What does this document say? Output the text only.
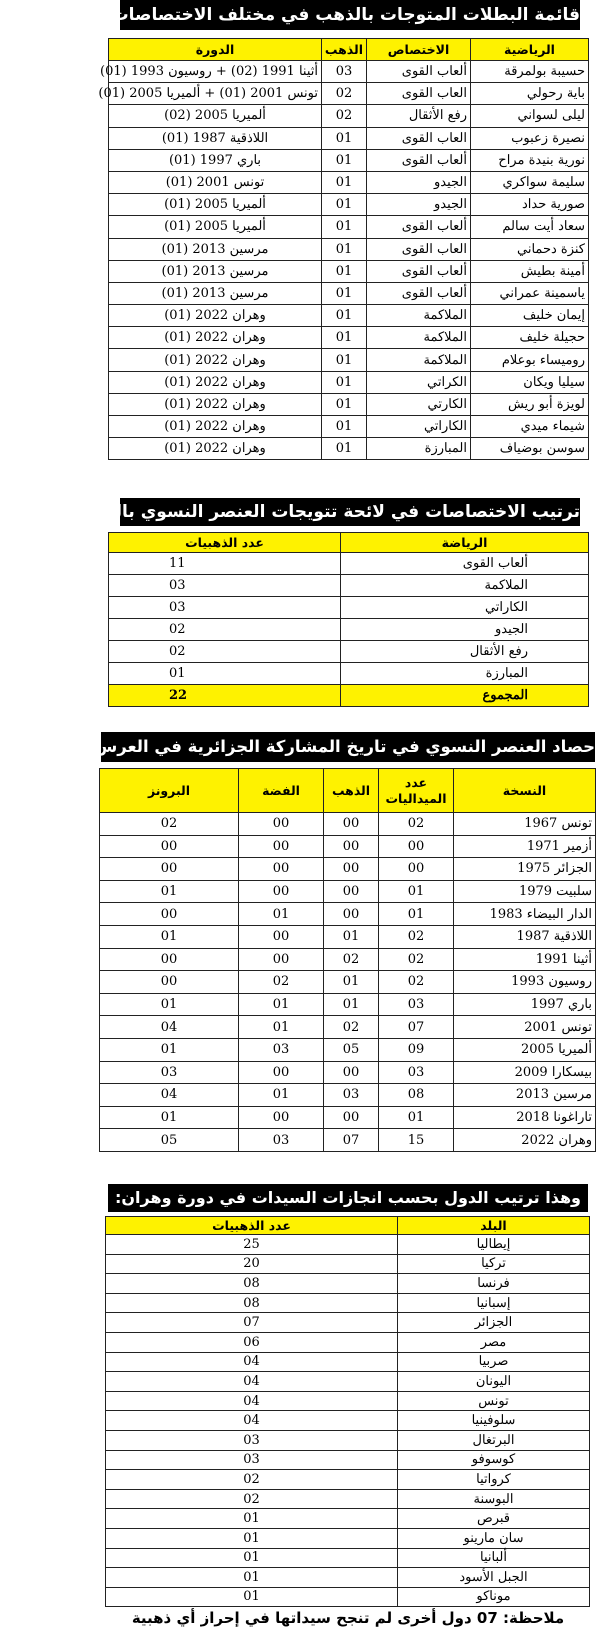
قائمة البطلات المتوجات بالذهب في مختلف الاختصاصات:
الرياضية	الاختصاص	الذهب	الدورة
حسيبة بولمرقة	ألعاب القوى	03	أثينا 1991 (02) + روسيون 1993 (01)
باية رحولي	العاب القوى	02	تونس 2001 (01) + ألميريا 2005 (01)
ليلى لسواني	رفع الأثقال	02	ألميريا 2005 (02)
نصيرة زعبوب	العاب القوى	01	اللاذقية 1987 (01)
نورية بنيدة مراح	ألعاب القوى	01	باري 1997 (01)
سليمة سواكري	الجيدو	01	تونس 2001 (01)
صورية حداد	الجيدو	01	ألميريا 2005 (01)
سعاد أيت سالم	ألعاب القوى	01	ألميريا 2005 (01)
كنزة دحماني	العاب القوى	01	مرسين 2013 (01)
أمينة بطيش	ألعاب القوى	01	مرسين 2013 (01)
ياسمينة عمراني	ألعاب القوى	01	مرسين 2013 (01)
إيمان خليف	الملاكمة	01	وهران 2022 (01)
حجيلة خليف	الملاكمة	01	وهران 2022 (01)
روميساء بوعلام	الملاكمة	01	وهران 2022 (01)
سيليا ويكان	الكراتي	01	وهران 2022 (01)
لويزة أبو ريش	الكارتي	01	وهران 2022 (01)
شيماء ميدي	الكاراتي	01	وهران 2022 (01)
سوسن بوضياف	المبارزة	01	وهران 2022 (01)
ترتيب الاختصاصات في لائحة تتويجات العنصر النسوي بالذهب:
الرياضة	عدد الذهبيات
ألعاب القوى	11
الملاكمة	03
الكاراتي	03
الجيدو	02
رفع الأثقال	02
المبارزة	01
المجموع	22
حصاد العنصر النسوي في تاريخ المشاركة الجزائرية في العرس المتوسطي
النسخة	عدد الميداليات	الذهب	الفضة	البرونز
تونس 1967	02	00	00	02
أزمير 1971	00	00	00	00
الجزائر 1975	00	00	00	00
سلبيت 1979	01	00	00	01
الدار البيضاء 1983	01	00	01	00
اللاذقية 1987	02	01	00	01
أثينا 1991	02	02	00	00
روسيون 1993	02	01	02	00
باري 1997	03	01	01	01
تونس 2001	07	02	01	04
ألميريا 2005	09	05	03	01
بيسكارا 2009	03	00	00	03
مرسين 2013	08	03	01	04
تاراغونا 2018	01	00	00	01
وهران 2022	15	07	03	05
وهذا ترتيب الدول بحسب انجازات السيدات في دورة وهران:
البلد	عدد الذهبيات
إيطاليا	25
تركيا	20
فرنسا	08
إسبانيا	08
الجزائر	07
مصر	06
صربيا	04
اليونان	04
تونس	04
سلوفينيا	04
البرتغال	03
كوسوفو	03
كرواتيا	02
البوسنة	02
قبرص	01
سان مارينو	01
ألبانيا	01
الجبل الأسود	01
موناكو	01
ملاحظة: 07 دول أخرى لم تنجح سيداتها في إحراز أي ذهبية
